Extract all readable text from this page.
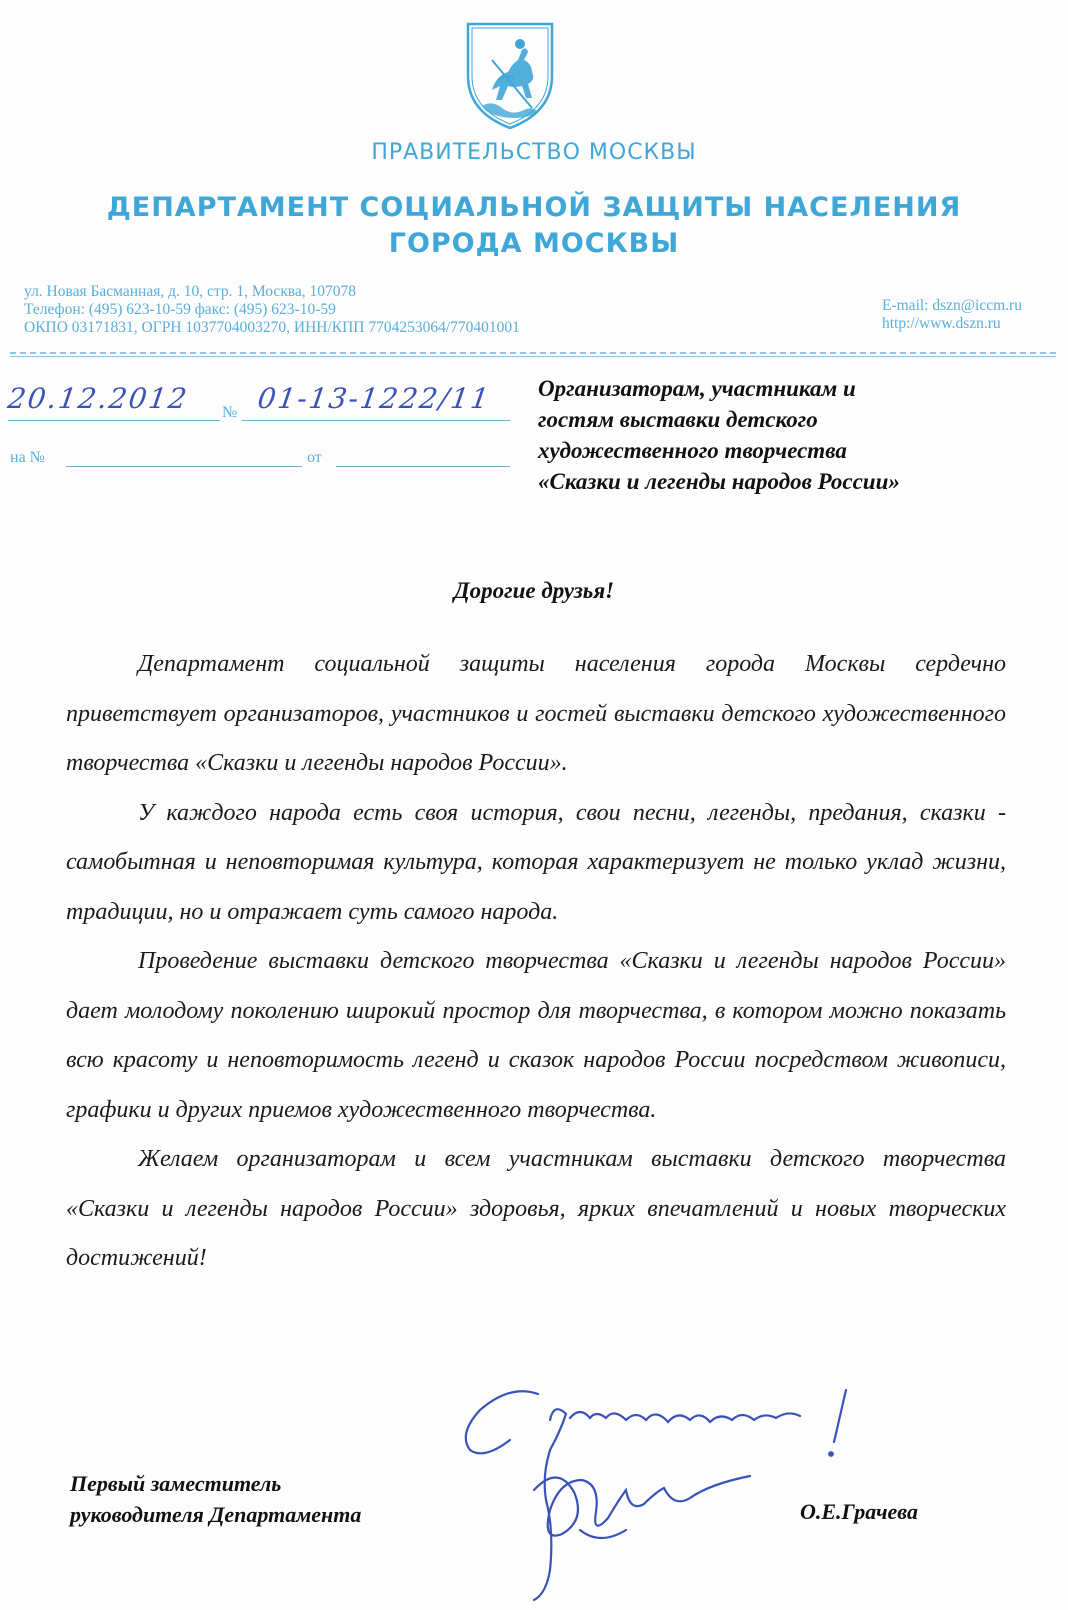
ПРАВИТЕЛЬСТВО МОСКВЫ
ДЕПАРТАМЕНТ СОЦИАЛЬНОЙ ЗАЩИТЫ НАСЕЛЕНИЯ
ГОРОДА МОСКВЫ
ул. Новая Басманная, д. 10, стр. 1, Москва, 107078
Телефон: (495) 623-10-59 факс: (495) 623-10-59
ОКПО 03171831, ОГРН 1037704003270, ИНН/КПП 7704253064/770401001
E-mail: dszn@iccm.ru
http://www.dszn.ru
20.12.2012 № 01-13-1222/11
на №	от
Организаторам, участникам и
гостям выставки детского
художественного творчества
«Сказки и легенды народов России»
Дорогие друзья!

Департамент социальной защиты населения города Москвы сердечно приветствует организаторов, участников и гостей выставки детского художественного творчества «Сказки и легенды народов России».

У каждого народа есть своя история, свои песни, легенды, предания, сказки - самобытная и неповторимая культура, которая характеризует не только уклад жизни, традиции, но и отражает суть самого народа.

Проведение выставки детского творчества «Сказки и легенды народов России» дает молодому поколению широкий простор для творчества, в котором можно показать всю красоту и неповторимость легенд и сказок народов России посредством живописи, графики и других приемов художественного творчества.

Желаем организаторам и всем участникам выставки детского творчества «Сказки и легенды народов России» здоровья, ярких впечатлений и новых творческих достижений!

Первый заместитель
руководителя Департамента	О.Е.Грачева
